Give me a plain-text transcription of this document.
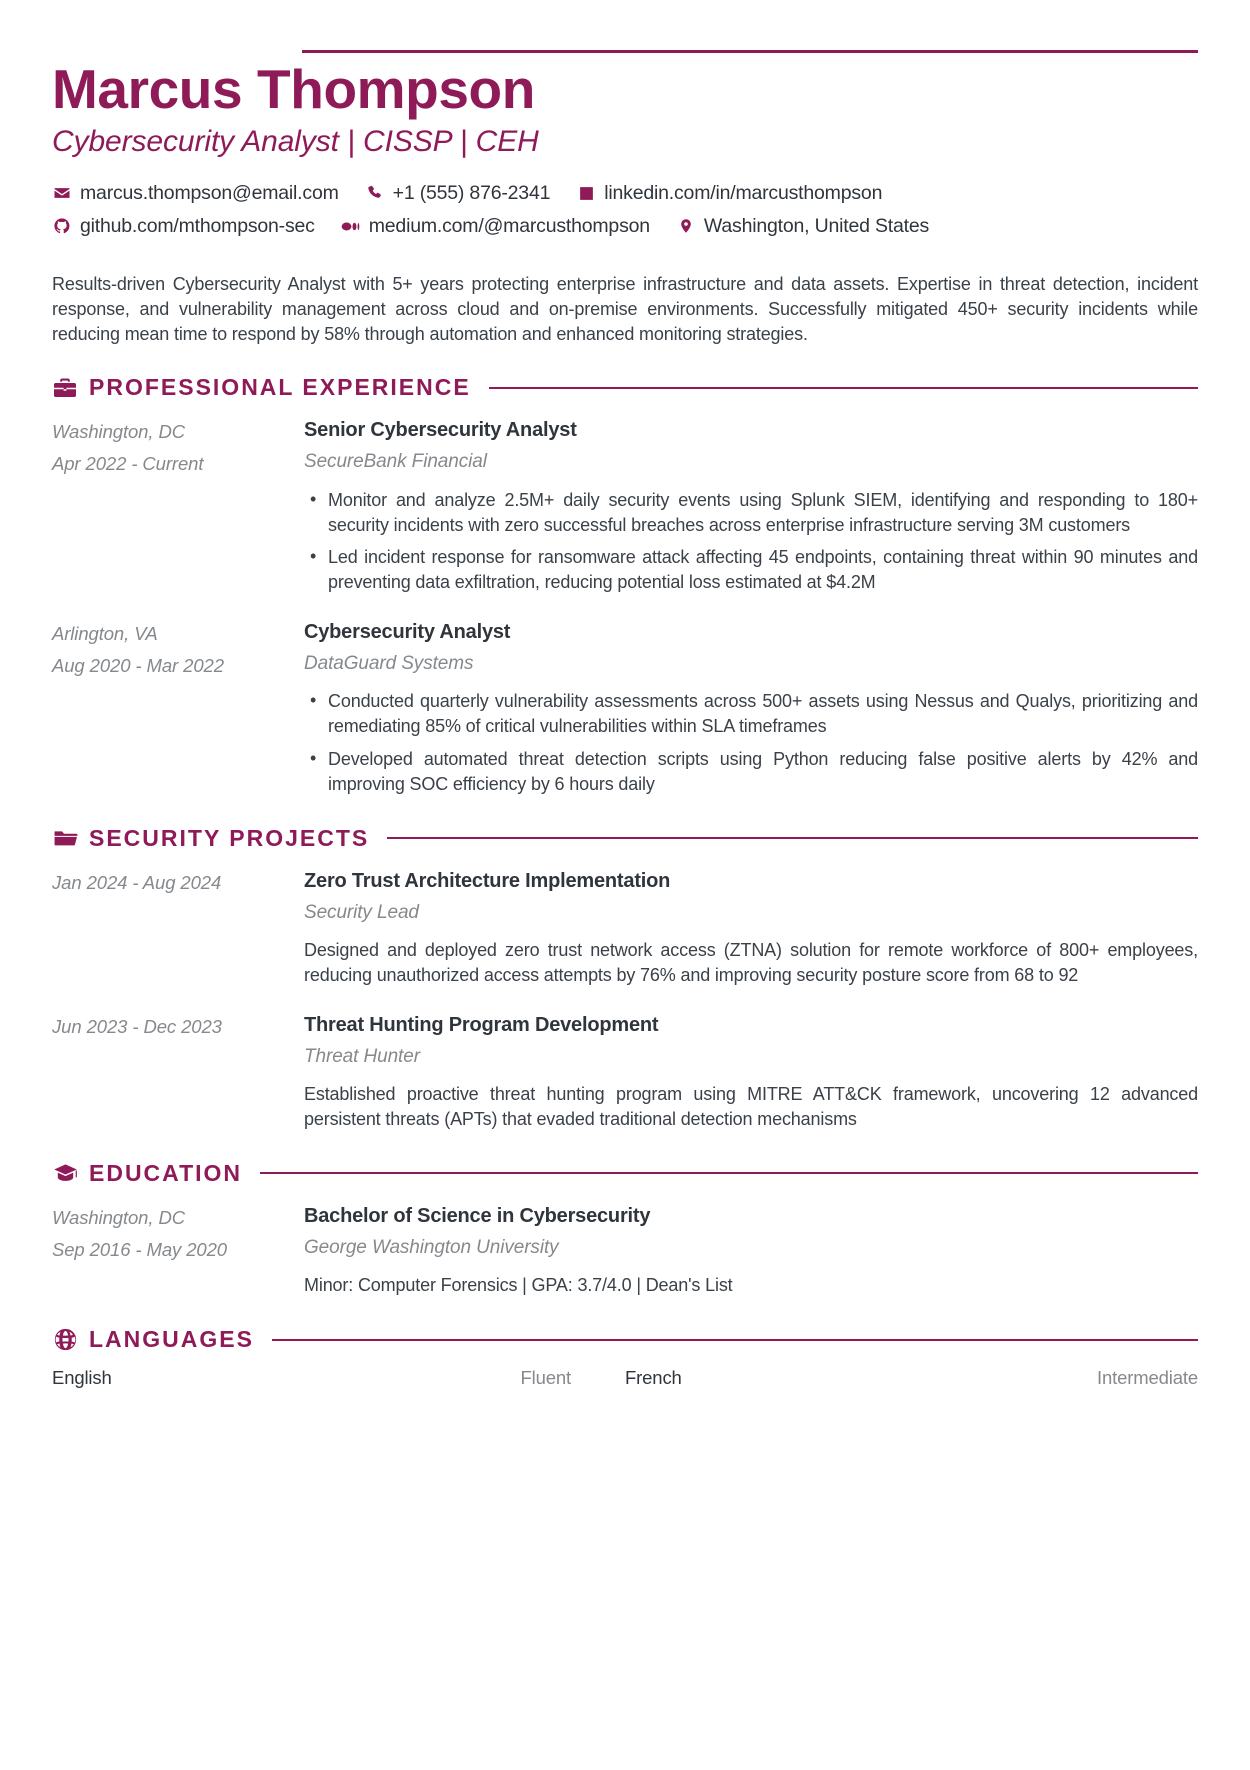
Marcus Thompson
Cybersecurity Analyst | CISSP | CEH
marcus.thompson@email.com	+1 (555) 876-2341	linkedin.com/in/marcusthompson
github.com/mthompson-sec	medium.com/@marcusthompson	Washington, United States
Results-driven Cybersecurity Analyst with 5+ years protecting enterprise infrastructure and data assets. Expertise in threat detection, incident response, and vulnerability management across cloud and on-premise environments. Successfully mitigated 450+ security incidents while reducing mean time to respond by 58% through automation and enhanced monitoring strategies.
PROFESSIONAL EXPERIENCE
Washington, DC
Apr 2022 - Current
Senior Cybersecurity Analyst
SecureBank Financial
• Monitor and analyze 2.5M+ daily security events using Splunk SIEM, identifying and responding to 180+ security incidents with zero successful breaches across enterprise infrastructure serving 3M customers
• Led incident response for ransomware attack affecting 45 endpoints, containing threat within 90 minutes and preventing data exfiltration, reducing potential loss estimated at $4.2M
Arlington, VA
Aug 2020 - Mar 2022
Cybersecurity Analyst
DataGuard Systems
• Conducted quarterly vulnerability assessments across 500+ assets using Nessus and Qualys, prioritizing and remediating 85% of critical vulnerabilities within SLA timeframes
• Developed automated threat detection scripts using Python reducing false positive alerts by 42% and improving SOC efficiency by 6 hours daily
SECURITY PROJECTS
Jan 2024 - Aug 2024	Zero Trust Architecture Implementation
Security Lead
Designed and deployed zero trust network access (ZTNA) solution for remote workforce of 800+ employees, reducing unauthorized access attempts by 76% and improving security posture score from 68 to 92
Jun 2023 - Dec 2023	Threat Hunting Program Development
Threat Hunter
Established proactive threat hunting program using MITRE ATT&CK framework, uncovering 12 advanced persistent threats (APTs) that evaded traditional detection mechanisms
EDUCATION
Washington, DC
Sep 2016 - May 2020
Bachelor of Science in Cybersecurity
George Washington University
Minor: Computer Forensics | GPA: 3.7/4.0 | Dean's List
LANGUAGES
English	Fluent	French	Intermediate
